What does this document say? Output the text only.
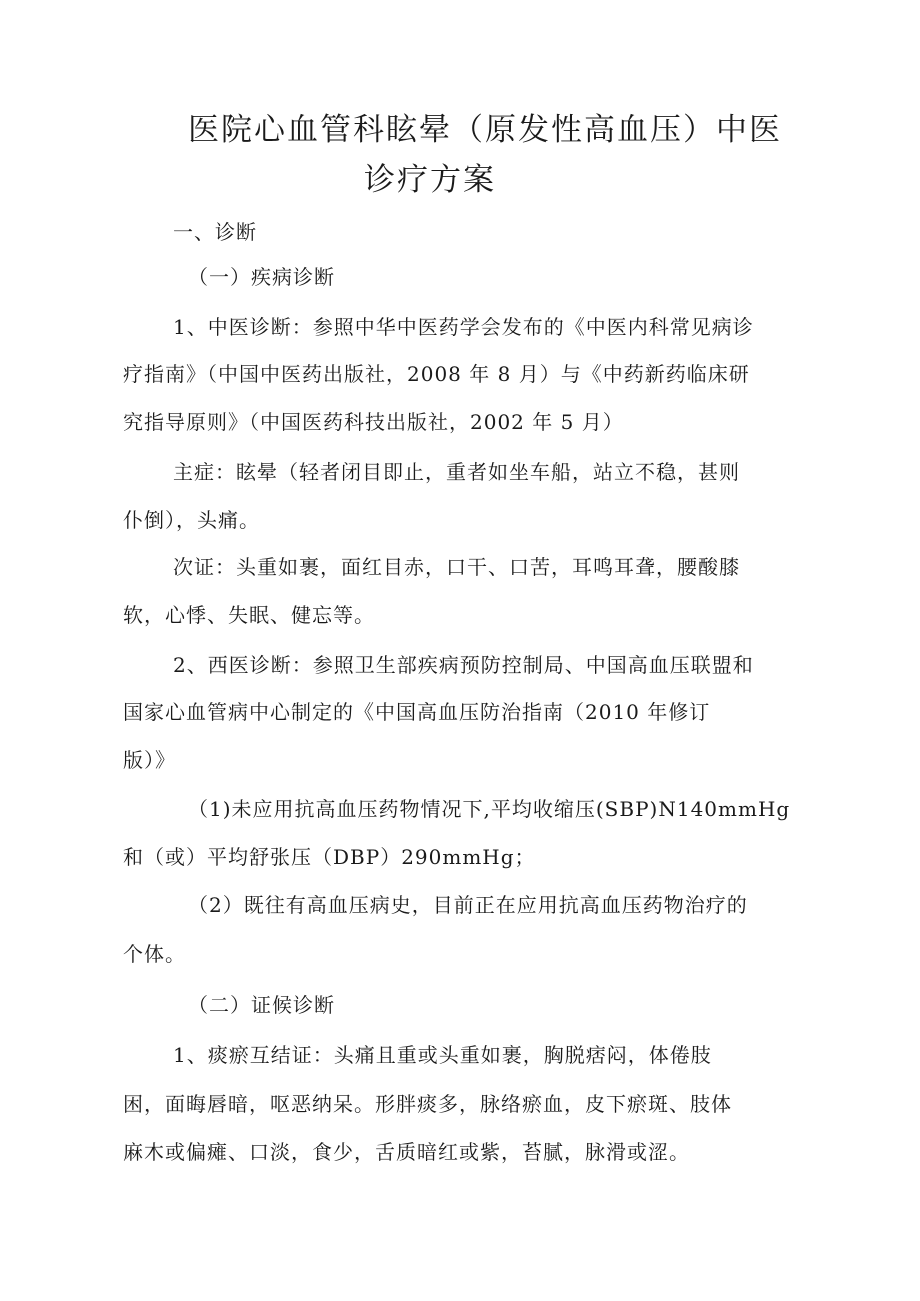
医院心血管科眩晕（原发性高血压）中医
诊疗方案

一、诊断

（一）疾病诊断

1、中医诊断：参照中华中医药学会发布的《中医内科常见病诊

疗指南》（中国中医药出版社，2008 年 8 月）与《中药新药临床研

究指导原则》（中国医药科技出版社，2002 年 5 月）

主症：眩晕（轻者闭目即止，重者如坐车船，站立不稳，甚则

仆倒），头痛。

次证：头重如裹，面红目赤，口干、口苦，耳鸣耳聋，腰酸膝

软，心悸、失眠、健忘等。

2、西医诊断：参照卫生部疾病预防控制局、中国高血压联盟和

国家心血管病中心制定的《中国高血压防治指南（2010 年修订

版）》

（1)未应用抗高血压药物情况下,平均收缩压(SBP)N140mmHg

和（或）平均舒张压（DBP）290mmHg；

（2）既往有高血压病史，目前正在应用抗高血压药物治疗的

个体。

（二）证候诊断

1、痰瘀互结证：头痛且重或头重如裹，胸脱痞闷，体倦肢

困，面晦唇暗，呕恶纳呆。形胖痰多，脉络瘀血，皮下瘀斑、肢体

麻木或偏瘫、口淡，食少，舌质暗红或紫，苔腻，脉滑或涩。
